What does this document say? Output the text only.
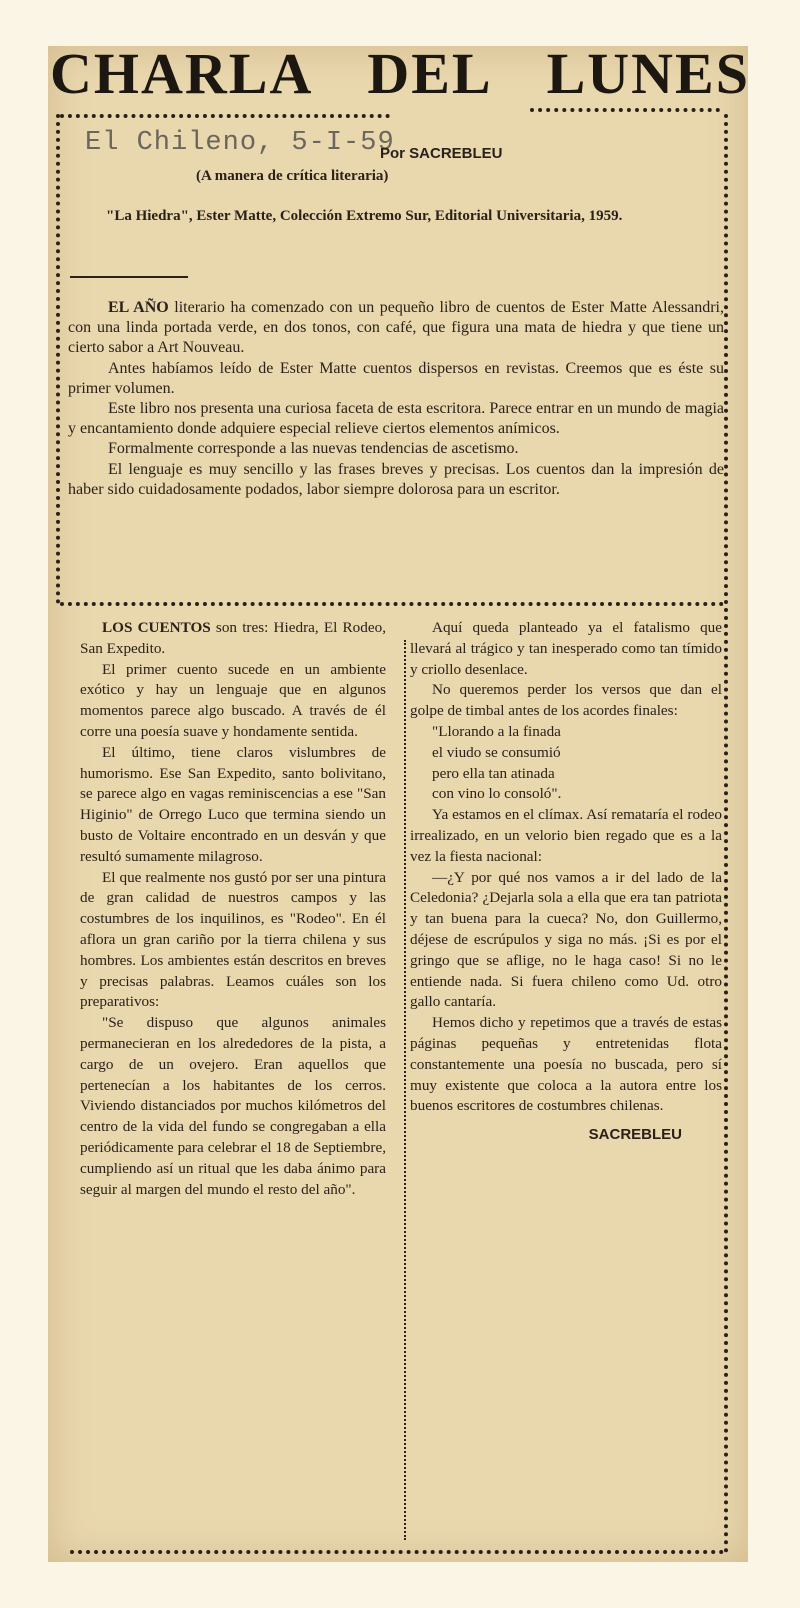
CHARLA DEL LUNES
El Chileno, 5-I-59
Por SACREBLEU
(A manera de crítica literaria)
"La Hiedra", Ester Matte, Colección Extremo Sur, Editorial Universitaria, 1959.

EL AÑO literario ha comenzado con un pequeño libro de cuentos de Ester Matte Alessandri, con una linda portada verde, en dos tonos, con café, que figura una mata de hiedra y que tiene un cierto sabor a Art Nouveau.

Antes habíamos leído de Ester Matte cuentos dispersos en revistas. Creemos que es éste su primer volumen.

Este libro nos presenta una curiosa faceta de esta escritora. Parece entrar en un mundo de magia y encantamiento donde adquiere especial relieve ciertos elementos anímicos.

Formalmente corresponde a las nuevas tendencias de ascetismo.

El lenguaje es muy sencillo y las frases breves y precisas. Los cuentos dan la impresión de haber sido cuidadosamente podados, labor siempre dolorosa para un escritor.

LOS CUENTOS son tres: Hiedra, El Rodeo, San Expedito.

El primer cuento sucede en un ambiente exótico y hay un lenguaje que en algunos momentos parece algo buscado. A través de él corre una poesía suave y hondamente sentida.

El último, tiene claros vislumbres de humorismo. Ese San Expedito, santo bolivitano, se parece algo en vagas reminiscencias a ese "San Higinio" de Orrego Luco que termina siendo un busto de Voltaire encontrado en un desván y que resultó sumamente milagroso.

El que realmente nos gustó por ser una pintura de gran calidad de nuestros campos y las costumbres de los inquilinos, es "Rodeo". En él aflora un gran cariño por la tierra chilena y sus hombres. Los ambientes están descritos en breves y precisas palabras. Leamos cuáles son los preparativos:

"Se dispuso que algunos animales permanecieran en los alrededores de la pista, a cargo de un ovejero. Eran aquellos que pertenecían a los habitantes de los cerros. Viviendo distanciados por muchos kilómetros del centro de la vida del fundo se congregaban a ella periódicamente para celebrar el 18 de Septiembre, cumpliendo así un ritual que les daba ánimo para seguir al margen del mundo el resto del año".

Aquí queda planteado ya el fatalismo que llevará al trágico y tan inesperado como tan tímido y criollo desenlace.

No queremos perder los versos que dan el golpe de timbal antes de los acordes finales:

"Llorando a la finada
el viudo se consumió
pero ella tan atinada
con vino lo consoló".

Ya estamos en el clímax. Así remataría el rodeo irrealizado, en un velorio bien regado que es a la vez la fiesta nacional:

—¿Y por qué nos vamos a ir del lado de la Celedonia? ¿Dejarla sola a ella que era tan patriota y tan buena para la cueca? No, don Guillermo, déjese de escrúpulos y siga no más. ¡Si es por el gringo que se aflige, no le haga caso! Si no le entiende nada. Si fuera chileno como Ud. otro gallo cantaría.

Hemos dicho y repetimos que a través de estas páginas pequeñas y entretenidas flota constantemente una poesía no buscada, pero sí muy existente que coloca a la autora entre los buenos escritores de costumbres chilenas.

SACREBLEU
